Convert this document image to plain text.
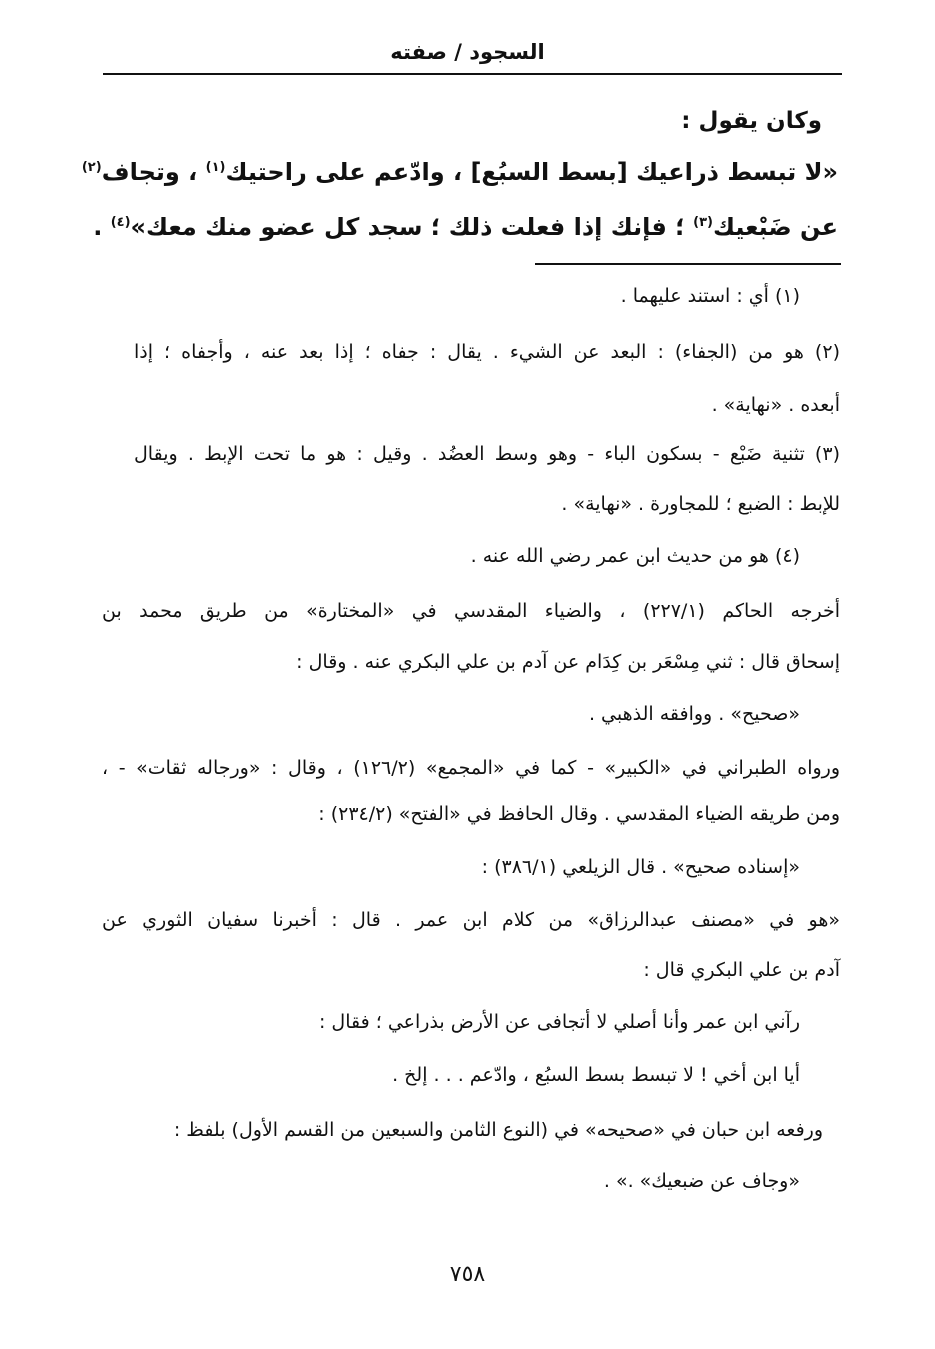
السجود / صفته
وكان يقول :
«لا تبسط ذراعيك [بسط السبُع] ، وادّعم على راحتيك$^{(١)}$ ، وتجاف$^{(٢)}$
عن ضَبْعيك$^{(٣)}$ ؛ فإنك إذا فعلت ذلك ؛ سجد كل عضو منك معك»$^{(٤)}$ .
(١) أي : استند عليهما .
(٢) هو من (الجفاء) : البعد عن الشيء . يقال : جفاه ؛ إذا بعد عنه ، وأجفاه ؛ إذا
أبعده . «نهاية» .
(٣) تثنية ضَبْع - بسكون الباء - وهو وسط العضُد . وقيل : هو ما تحت الإبط . ويقال
للإبط : الضبع ؛ للمجاورة . «نهاية» .
(٤) هو من حديث ابن عمر رضي الله عنه .
أخرجه الحاكم (٢٢٧/١) ، والضياء المقدسي في «المختارة» من طريق محمد بن
إسحاق قال : ثني مِسْعَر بن كِدَام عن آدم بن علي البكري عنه . وقال :
«صحيح» . ووافقه الذهبي .
ورواه الطبراني في «الكبير» - كما في «المجمع» (١٢٦/٢) ، وقال : «ورجاله ثقات» - ،
ومن طريقه الضياء المقدسي . وقال الحافظ في «الفتح» (٢٣٤/٢) :
«إسناده صحيح» . قال الزيلعي (٣٨٦/١) :
«هو في «مصنف عبدالرزاق» من كلام ابن عمر . قال : أخبرنا سفيان الثوري عن
آدم بن علي البكري قال :
رآني ابن عمر وأنا أصلي لا أتجافى عن الأرض بذراعي ؛ فقال :
أيا ابن أخي ! لا تبسط بسط السبُع ، وادّعم . . . إلخ .
ورفعه ابن حبان في «صحيحه» في (النوع الثامن والسبعين من القسم الأول) بلفظ :
«وجاف عن ضبعيك» .» .
٧٥٨
